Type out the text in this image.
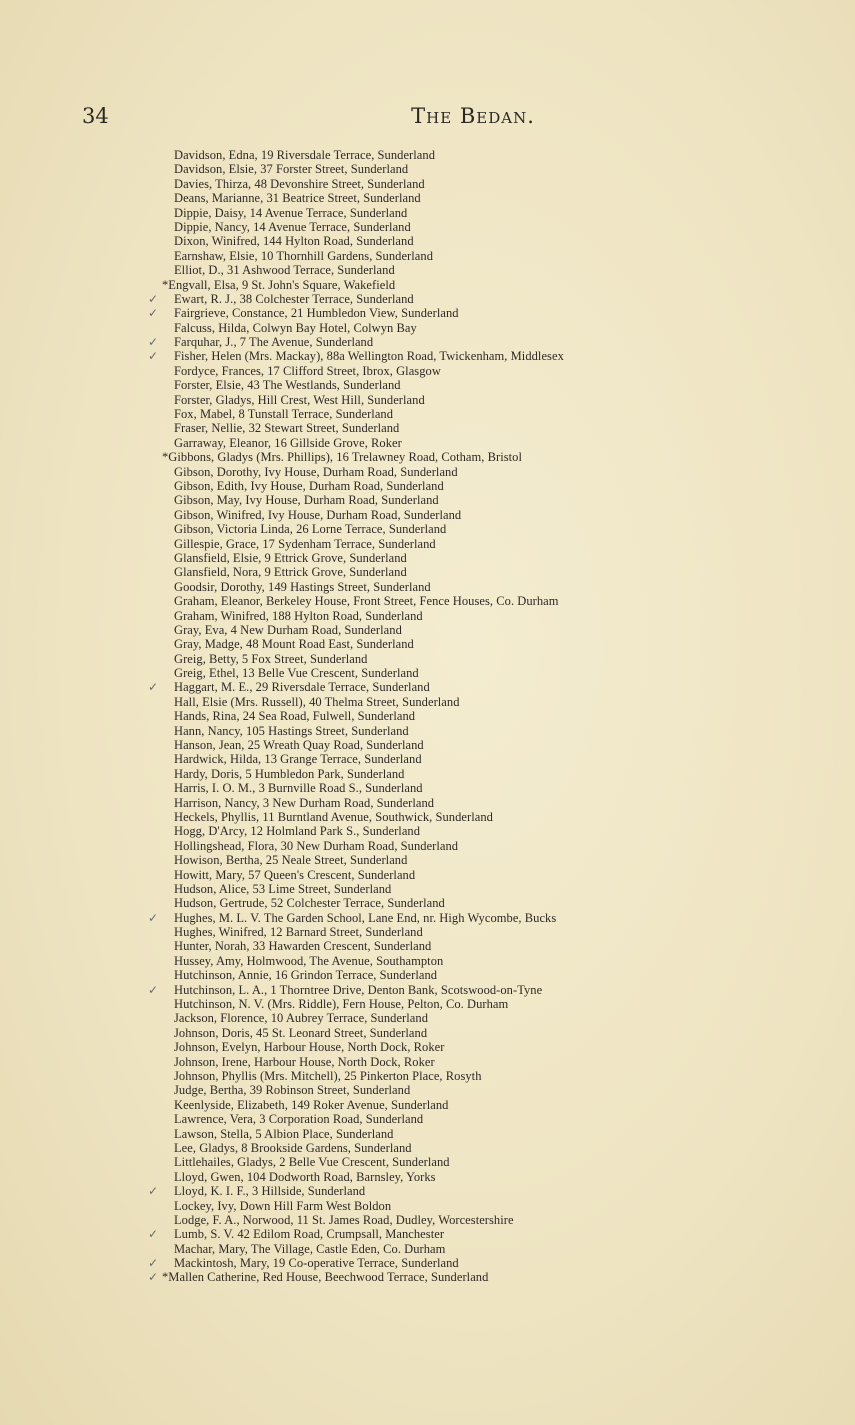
34	The Bedan.
Davidson, Edna, 19 Riversdale Terrace, Sunderland
Davidson, Elsie, 37 Forster Street, Sunderland
Davies, Thirza, 48 Devonshire Street, Sunderland
Deans, Marianne, 31 Beatrice Street, Sunderland
Dippie, Daisy, 14 Avenue Terrace, Sunderland
Dippie, Nancy, 14 Avenue Terrace, Sunderland
Dixon, Winifred, 144 Hylton Road, Sunderland
Earnshaw, Elsie, 10 Thornhill Gardens, Sunderland
Elliot, D., 31 Ashwood Terrace, Sunderland
*Engvall, Elsa, 9 St. John's Square, Wakefield
✓ Ewart, R. J., 38 Colchester Terrace, Sunderland
✓ Fairgrieve, Constance, 21 Humbledon View, Sunderland
Falcuss, Hilda, Colwyn Bay Hotel, Colwyn Bay
✓ Farquhar, J., 7 The Avenue, Sunderland
✓ Fisher, Helen (Mrs. Mackay), 88a Wellington Road, Twickenham, Middlesex
Fordyce, Frances, 17 Clifford Street, Ibrox, Glasgow
Forster, Elsie, 43 The Westlands, Sunderland
Forster, Gladys, Hill Crest, West Hill, Sunderland
Fox, Mabel, 8 Tunstall Terrace, Sunderland
Fraser, Nellie, 32 Stewart Street, Sunderland
Garraway, Eleanor, 16 Gillside Grove, Roker
*Gibbons, Gladys (Mrs. Phillips), 16 Trelawney Road, Cotham, Bristol
Gibson, Dorothy, Ivy House, Durham Road, Sunderland
Gibson, Edith, Ivy House, Durham Road, Sunderland
Gibson, May, Ivy House, Durham Road, Sunderland
Gibson, Winifred, Ivy House, Durham Road, Sunderland
Gibson, Victoria Linda, 26 Lorne Terrace, Sunderland
Gillespie, Grace, 17 Sydenham Terrace, Sunderland
Glansfield, Elsie, 9 Ettrick Grove, Sunderland
Glansfield, Nora, 9 Ettrick Grove, Sunderland
Goodsir, Dorothy, 149 Hastings Street, Sunderland
Graham, Eleanor, Berkeley House, Front Street, Fence Houses, Co. Durham
Graham, Winifred, 188 Hylton Road, Sunderland
Gray, Eva, 4 New Durham Road, Sunderland
Gray, Madge, 48 Mount Road East, Sunderland
Greig, Betty, 5 Fox Street, Sunderland
Greig, Ethel, 13 Belle Vue Crescent, Sunderland
✓ Haggart, M. E., 29 Riversdale Terrace, Sunderland
Hall, Elsie (Mrs. Russell), 40 Thelma Street, Sunderland
Hands, Rina, 24 Sea Road, Fulwell, Sunderland
Hann, Nancy, 105 Hastings Street, Sunderland
Hanson, Jean, 25 Wreath Quay Road, Sunderland
Hardwick, Hilda, 13 Grange Terrace, Sunderland
Hardy, Doris, 5 Humbledon Park, Sunderland
Harris, I. O. M., 3 Burnville Road S., Sunderland
Harrison, Nancy, 3 New Durham Road, Sunderland
Heckels, Phyllis, 11 Burntland Avenue, Southwick, Sunderland
Hogg, D'Arcy, 12 Holmland Park S., Sunderland
Hollingshead, Flora, 30 New Durham Road, Sunderland
Howison, Bertha, 25 Neale Street, Sunderland
Howitt, Mary, 57 Queen's Crescent, Sunderland
Hudson, Alice, 53 Lime Street, Sunderland
Hudson, Gertrude, 52 Colchester Terrace, Sunderland
✓ Hughes, M. L. V. The Garden School, Lane End, nr. High Wycombe, Bucks
Hughes, Winifred, 12 Barnard Street, Sunderland
Hunter, Norah, 33 Hawarden Crescent, Sunderland
Hussey, Amy, Holmwood, The Avenue, Southampton
Hutchinson, Annie, 16 Grindon Terrace, Sunderland
✓ Hutchinson, L. A., 1 Thorntree Drive, Denton Bank, Scotswood-on-Tyne
Hutchinson, N. V. (Mrs. Riddle), Fern House, Pelton, Co. Durham
Jackson, Florence, 10 Aubrey Terrace, Sunderland
Johnson, Doris, 45 St. Leonard Street, Sunderland
Johnson, Evelyn, Harbour House, North Dock, Roker
Johnson, Irene, Harbour House, North Dock, Roker
Johnson, Phyllis (Mrs. Mitchell), 25 Pinkerton Place, Rosyth
Judge, Bertha, 39 Robinson Street, Sunderland
Keenlyside, Elizabeth, 149 Roker Avenue, Sunderland
Lawrence, Vera, 3 Corporation Road, Sunderland
Lawson, Stella, 5 Albion Place, Sunderland
Lee, Gladys, 8 Brookside Gardens, Sunderland
Littlehailes, Gladys, 2 Belle Vue Crescent, Sunderland
Lloyd, Gwen, 104 Dodworth Road, Barnsley, Yorks
✓ Lloyd, K. I. F., 3 Hillside, Sunderland
Lockey, Ivy, Down Hill Farm West Boldon
Lodge, F. A., Norwood, 11 St. James Road, Dudley, Worcestershire
✓ Lumb, S. V. 42 Edilom Road, Crumpsall, Manchester
Machar, Mary, The Village, Castle Eden, Co. Durham
✓ Mackintosh, Mary, 19 Co-operative Terrace, Sunderland
✓ *Mallen Catherine, Red House, Beechwood Terrace, Sunderland
